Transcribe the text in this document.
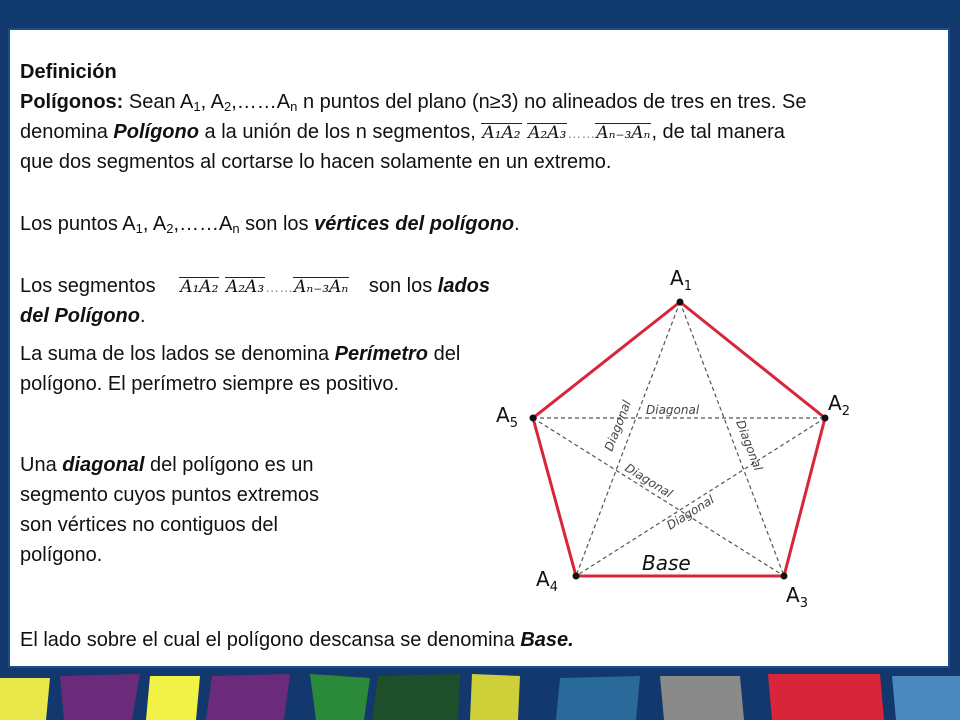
Definición
Polígonos: Sean $A_1$, $A_2,\dots\dots A_n$ n puntos del plano (n≥3) no alineados de tres en tres. Se
denomina Polígono a la unión de los n segmentos, A₁A₂ A₂A₃……Aₙ₋₃Aₙ, de tal manera
que dos segmentos al cortarse lo hacen solamente en un extremo.
Los puntos $A_1$, $A_2,\dots\dots A_n$ son los vértices del polígono.
Los segmentos A₁A₂ A₂A₃……Aₙ₋₃Aₙ son los lados
del Polígono.
La suma de los lados se denomina Perímetro del
polígono. El perímetro siempre es positivo.
Una diagonal del polígono es un
segmento cuyos puntos extremos
son vértices no contiguos del
polígono.
El lado sobre el cual el polígono descansa se denomina Base.
Diagonal
Diagonal	Diagonal
Diagonal
Diagonal
Base
$A_1$
$A_2$
$A_3$
$A_4$
$A_5$
